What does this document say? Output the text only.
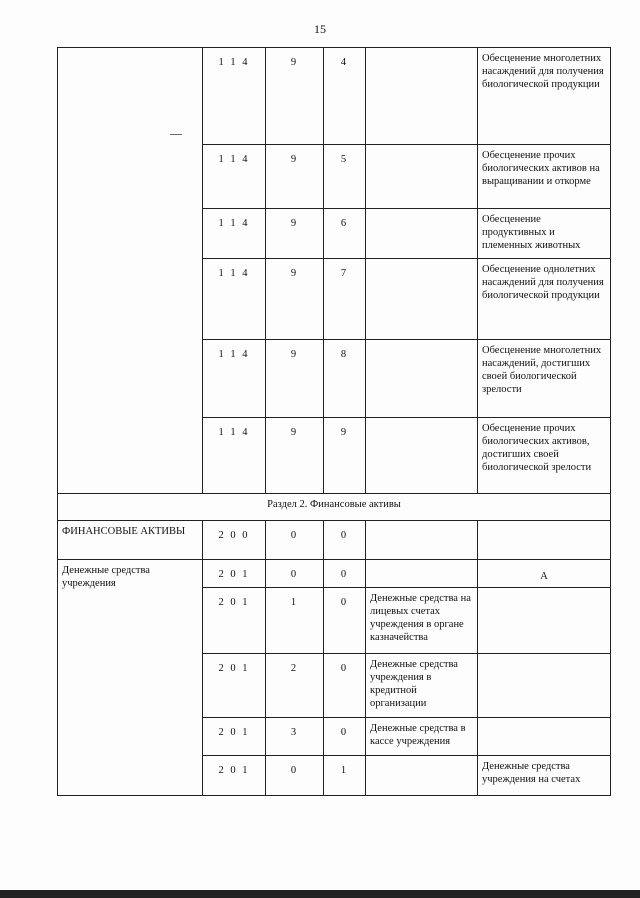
15
	1 1 4	9	4		Обесценение многолетних насаждений для получения биологической продукции
	1 1 4	9	5		Обесценение прочих биологических активов на выращивании и откорме
	1 1 4	9	6		Обесценение продуктивных и племенных животных
	1 1 4	9	7		Обесценение однолетних насаждений для получения биологической продукции
	1 1 4	9	8		Обесценение многолетних насаждений, достигших своей биологической зрелости
	1 1 4	9	9		Обесценение прочих биологических активов, достигших своей биологической зрелости
Раздел 2. Финансовые активы					
ФИНАНСОВЫЕ АКТИВЫ	2 0 0	0	0		
Денежные средства учреждения	2 0 1	0	0		А
	2 0 1	1	0	Денежные средства на лицевых счетах учреждения в органе казначейства	
	2 0 1	2	0	Денежные средства учреждения в кредитной организации	
	2 0 1	3	0	Денежные средства в кассе учреждения	
	2 0 1	0	1		Денежные средства учреждения на счетах
